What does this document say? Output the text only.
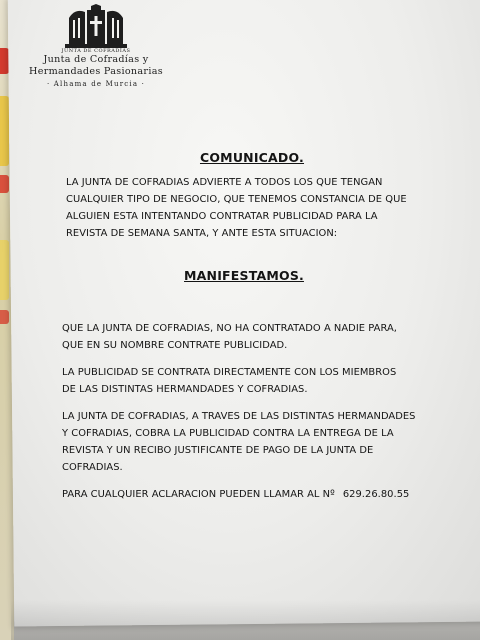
JUNTA DE COFRADÍAS
Junta de Cofradías y
Hermandades Pasionarias
· Alhama de Murcia ·
COMUNICADO.
LA JUNTA DE COFRADIAS ADVIERTE A TODOS LOS QUE TENGAN CUALQUIER TIPO DE NEGOCIO, QUE TENEMOS CONSTANCIA DE QUE ALGUIEN ESTA INTENTANDO CONTRATAR PUBLICIDAD PARA LA REVISTA DE SEMANA SANTA, Y ANTE ESTA SITUACION:
MANIFESTAMOS.
QUE LA JUNTA DE COFRADIAS, NO HA CONTRATADO A NADIE PARA, QUE EN SU NOMBRE CONTRATE PUBLICIDAD.
LA PUBLICIDAD SE CONTRATA DIRECTAMENTE CON LOS MIEMBROS DE LAS DISTINTAS HERMANDADES Y COFRADIAS.
LA JUNTA DE COFRADIAS, A TRAVES DE LAS DISTINTAS HERMANDADES Y COFRADIAS, COBRA LA PUBLICIDAD CONTRA LA ENTREGA DE LA REVISTA Y UN RECIBO JUSTIFICANTE DE PAGO DE LA JUNTA DE COFRADIAS.
PARA CUALQUIER ACLARACION PUEDEN LLAMAR AL Nº 629.26.80.55
